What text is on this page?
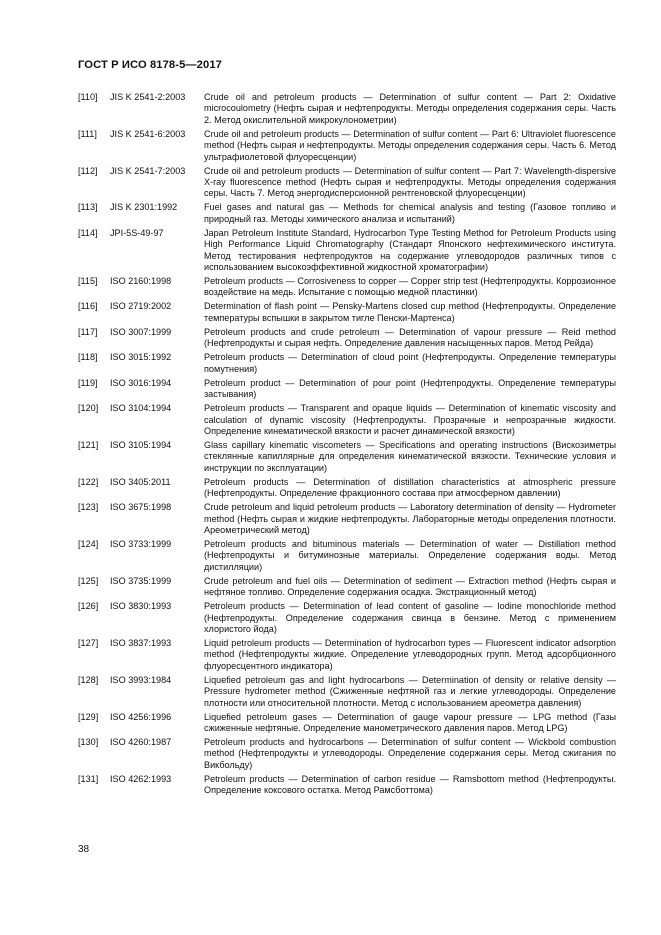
ГОСТ Р ИСО 8178-5—2017
[110]	JIS K 2541-2:2003	Crude oil and petroleum products — Determination of sulfur content — Part 2: Oxidative microcoulometry (Нефть сырая и нефтепродукты. Методы определения содержания серы. Часть 2. Метод окислительной микрокулонометрии)
[111]	JIS K 2541-6:2003	Crude oil and petroleum products — Determination of sulfur content — Part 6: Ultraviolet fluorescence method (Нефть сырая и нефтепродукты. Методы определения содержания серы. Часть 6. Метод ультрафиолетовой флуоресценции)
[112]	JIS K 2541-7:2003	Crude oil and petroleum products — Determination of sulfur content — Part 7: Wavelength-dispersive X-ray fluorescence method (Нефть сырая и нефтепродукты. Методы определения содержания серы. Часть 7. Метод энергодисперсионной рентгеновской флуоресценции)
[113]	JIS K 2301:1992	Fuel gases and natural gas — Methods for chemical analysis and testing (Газовое топливо и природный газ. Методы химического анализа и испытаний)
[114]	JPI-5S-49-97	Japan Petroleum Institute Standard, Hydrocarbon Type Testing Method for Petroleum Products using High Performance Liquid Chromatography (Стандарт Японского нефтехимического института. Метод тестирования нефтепродуктов на содержание углеводородов различных типов с использованием высокоэффективной жидкостной хроматографии)
[115]	ISO 2160:1998	Petroleum products — Corrosiveness to copper — Copper strip test (Нефтепродукты. Коррозионное воздействие на медь. Испытание с помощью медной пластинки)
[116]	ISO 2719:2002	Determination of flash point — Pensky-Martens closed cup method (Нефтепродукты. Определение температуры вспышки в закрытом тигле Пенски-Мартенса)
[117]	ISO 3007:1999	Petroleum products and crude petroleum — Determination of vapour pressure — Reid method (Нефтепродукты и сырая нефть. Определение давления насыщенных паров. Метод Рейда)
[118]	ISO 3015:1992	Petroleum products — Determination of cloud point (Нефтепродукты. Определение температуры помутнения)
[119]	ISO 3016:1994	Petroleum product — Determination of pour point (Нефтепродукты. Определение температуры застывания)
[120]	ISO 3104:1994	Petroleum products — Transparent and opaque liquids — Determination of kinematic viscosity and calculation of dynamic viscosity (Нефтепродукты. Прозрачные и непрозрачные жидкости. Определение кинематической вязкости и расчет динамической вязкости)
[121]	ISO 3105:1994	Glass capillary kinematic viscometers — Specifications and operating instructions (Вискозиметры стеклянные капиллярные для определения кинематической вязкости. Технические условия и инструкции по эксплуатации)
[122]	ISO 3405:2011	Petroleum products — Determination of distillation characteristics at atmospheric pressure (Нефтепродукты. Определение фракционного состава при атмосферном давлении)
[123]	ISO 3675:1998	Crude petroleum and liquid petroleum products — Laboratory determination of density — Hydrometer method (Нефть сырая и жидкие нефтепродукты. Лабораторные методы определения плотности. Ареометрический метод)
[124]	ISO 3733:1999	Petroleum products and bituminous materials — Determination of water — Distillation method (Нефтепродукты и битуминозные материалы. Определение содержания воды. Метод дистилляции)
[125]	ISO 3735:1999	Crude petroleum and fuel oils — Determination of sediment — Extraction method (Нефть сырая и нефтяное топливо. Определение содержания осадка. Экстракционный метод)
[126]	ISO 3830:1993	Petroleum products — Determination of lead content of gasoline — Iodine monochloride method (Нефтепродукты. Определение содержания свинца в бензине. Метод с применением хлористого йода)
[127]	ISO 3837:1993	Liquid petroleum products — Determination of hydrocarbon types — Fluorescent indicator adsorption method (Нефтепродукты жидкие. Определение углеводородных групп. Метод адсорбционного флуоресцентного индикатора)
[128]	ISO 3993:1984	Liquefied petroleum gas and light hydrocarbons — Determination of density or relative density — Pressure hydrometer method (Сжиженные нефтяной газ и легкие углеводороды. Определение плотности или относительной плотности. Метод с использованием ареометра давления)
[129]	ISO 4256:1996	Liquefied petroleum gases — Determination of gauge vapour pressure — LPG method (Газы сжиженные нефтяные. Определение манометрического давления паров. Метод LPG)
[130]	ISO 4260:1987	Petroleum products and hydrocarbons — Determination of sulfur content — Wickbold combustion method (Нефтепродукты и углеводороды. Определение содержания серы. Метод сжигания по Викбольду)
[131]	ISO 4262:1993	Petroleum products — Determination of carbon residue — Ramsbottom method (Нефтепродукты. Определение коксового остатка. Метод Рамсботтома)
38
